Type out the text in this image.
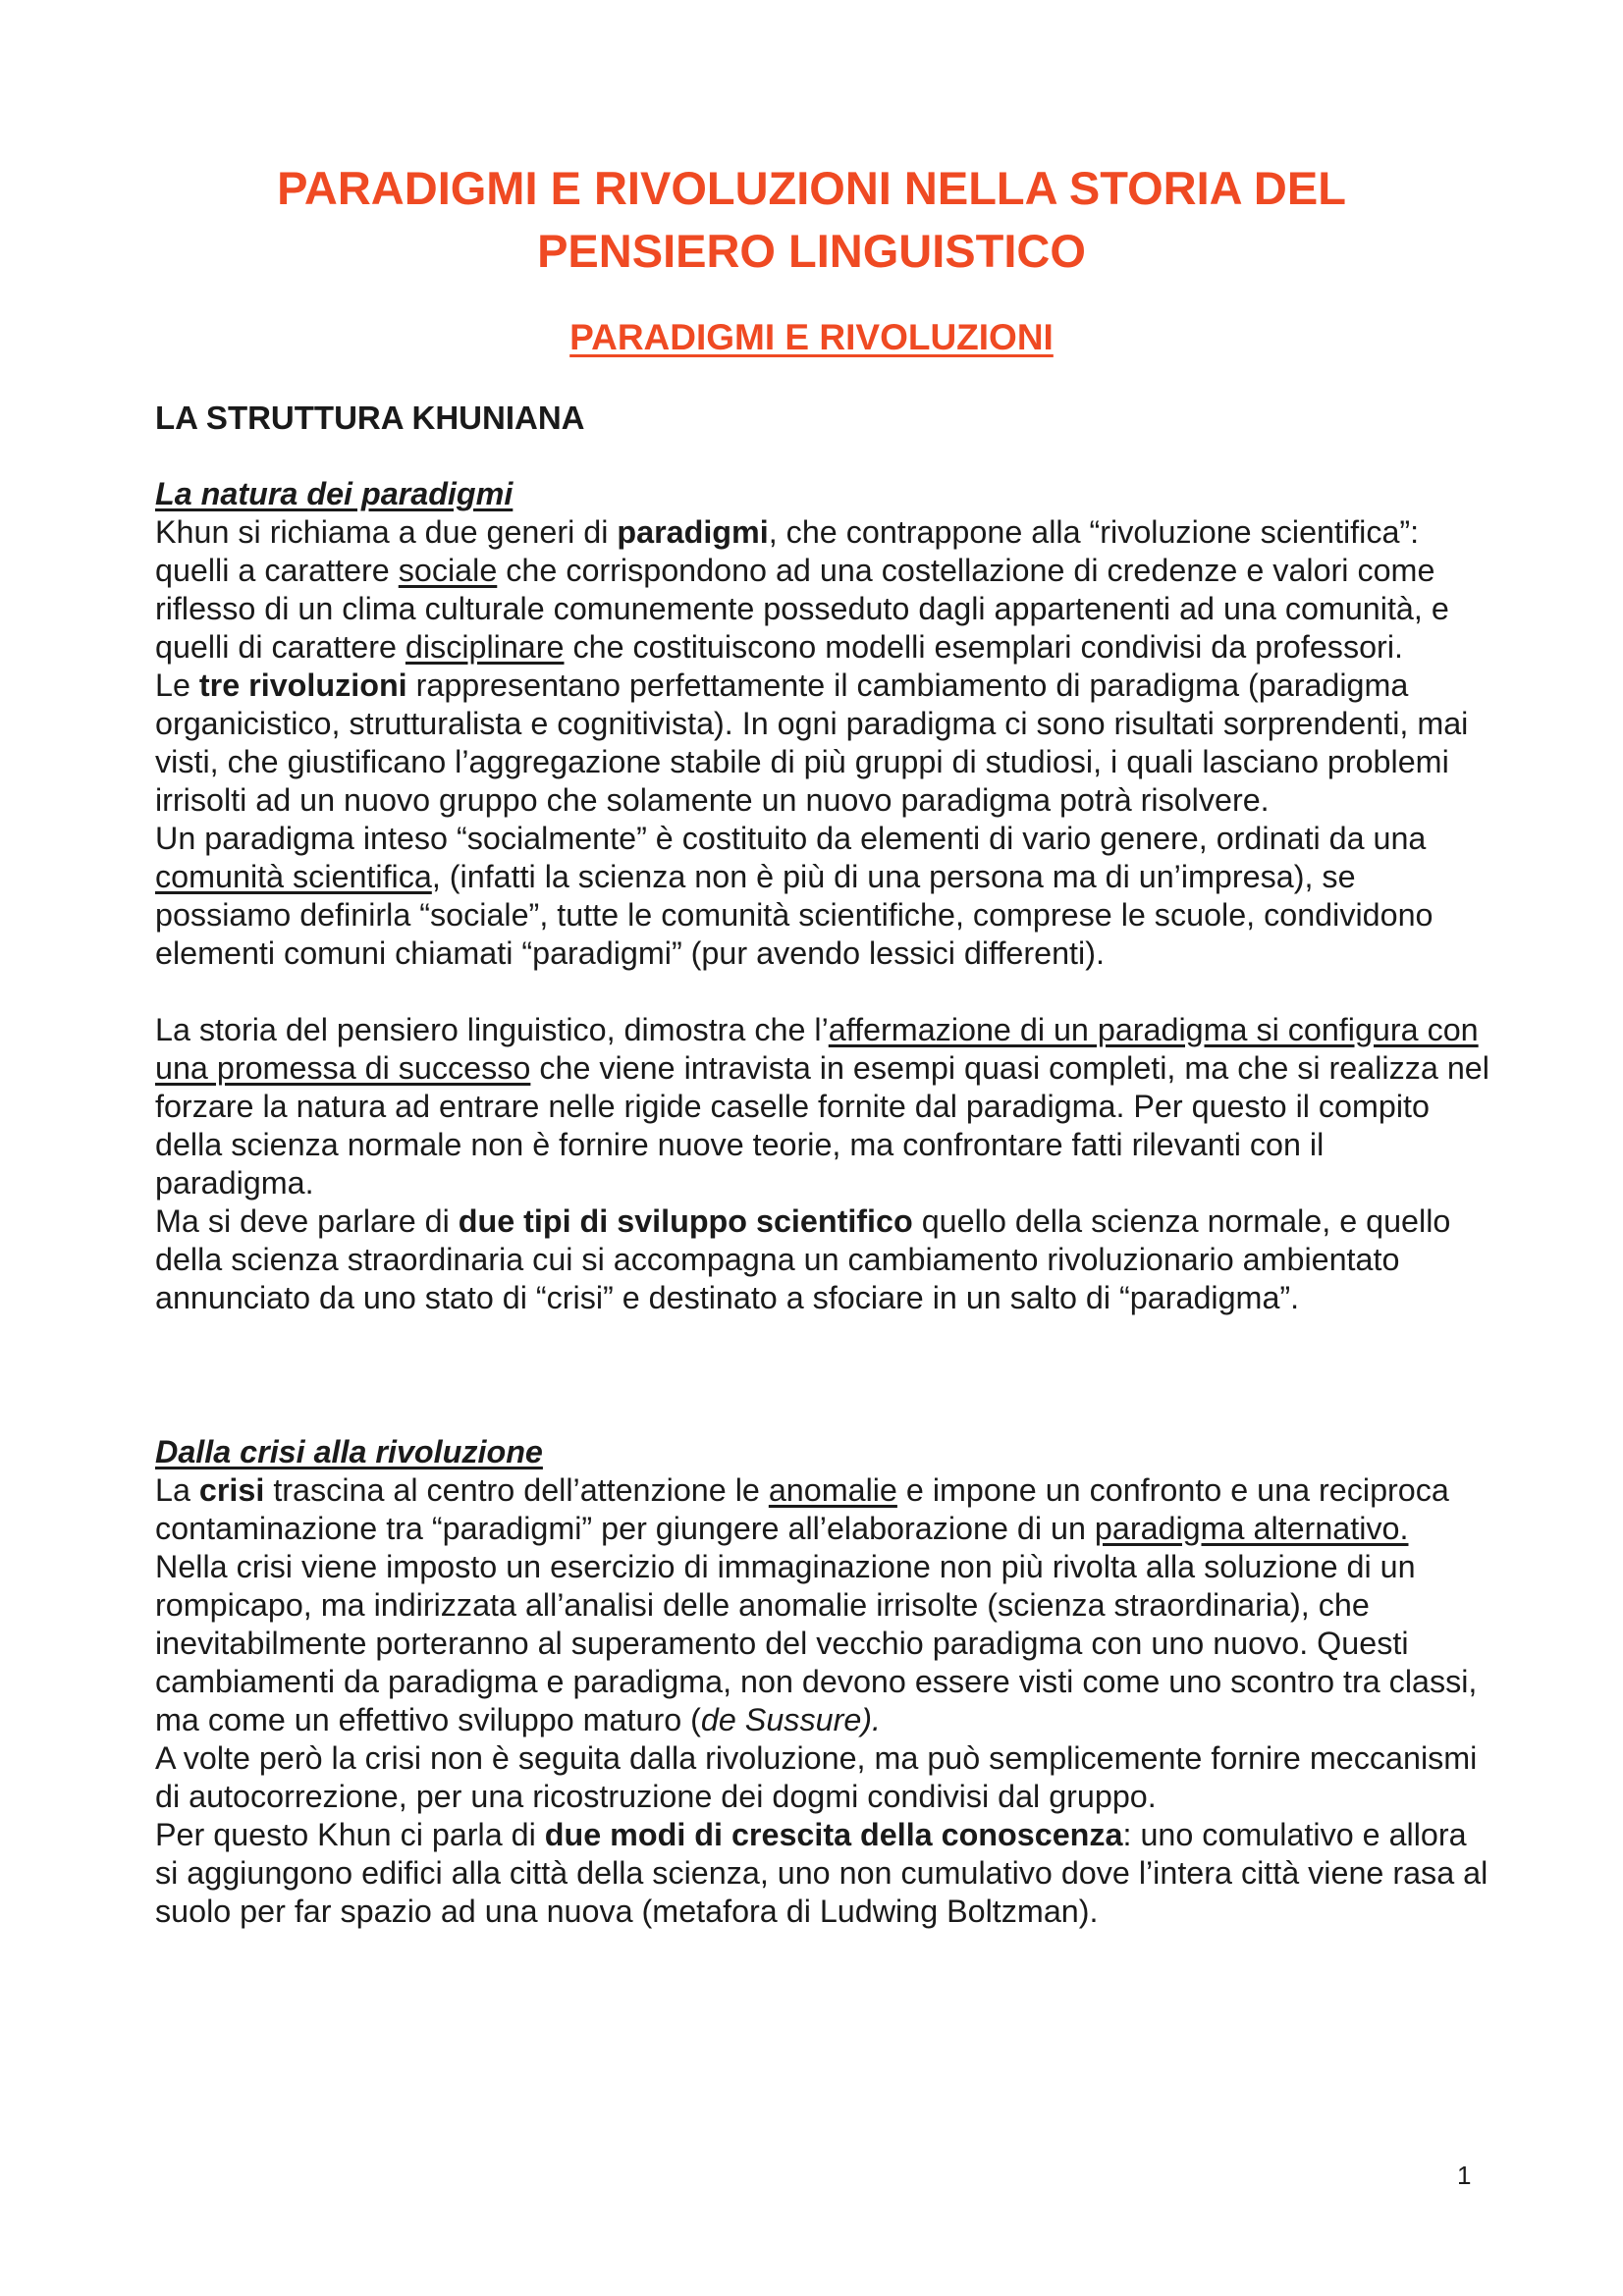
PARADIGMI E RIVOLUZIONI NELLA STORIA DEL
PENSIERO LINGUISTICO
PARADIGMI E RIVOLUZIONI
LA STRUTTURA KHUNIANA

La natura dei paradigmi

Khun si richiama a due generi di paradigmi, che contrappone alla “rivoluzione scientifica”: quelli a carattere sociale che corrispondono ad una costellazione di credenze e valori come riflesso di un clima culturale comunemente posseduto dagli appartenenti ad una comunità, e quelli di carattere disciplinare che costituiscono modelli esemplari condivisi da professori.

Le tre rivoluzioni rappresentano perfettamente il cambiamento di paradigma (paradigma organicistico, strutturalista e cognitivista). In ogni paradigma ci sono risultati sorprendenti, mai visti, che giustificano l’aggregazione stabile di più gruppi di studiosi, i quali lasciano problemi irrisolti ad un nuovo gruppo che solamente un nuovo paradigma potrà risolvere.

Un paradigma inteso “socialmente” è costituito da elementi di vario genere, ordinati da una comunità scientifica, (infatti la scienza non è più di una persona ma di un’impresa), se possiamo definirla “sociale”, tutte le comunità scientifiche, comprese le scuole, condividono elementi comuni chiamati “paradigmi” (pur avendo lessici differenti).

La storia del pensiero linguistico, dimostra che l’affermazione di un paradigma si configura con una promessa di successo che viene intravista in esempi quasi completi, ma che si realizza nel forzare la natura ad entrare nelle rigide caselle fornite dal paradigma. Per questo il compito della scienza normale non è fornire nuove teorie, ma confrontare fatti rilevanti con il paradigma.

Ma si deve parlare di due tipi di sviluppo scientifico quello della scienza normale, e quello della scienza straordinaria cui si accompagna un cambiamento rivoluzionario ambientato annunciato da uno stato di “crisi” e destinato a sfociare in un salto di “paradigma”.

Dalla crisi alla rivoluzione

La crisi trascina al centro dell’attenzione le anomalie e impone un confronto e una reciproca contaminazione tra “paradigmi” per giungere all’elaborazione di un paradigma alternativo.

Nella crisi viene imposto un esercizio di immaginazione non più rivolta alla soluzione di un rompicapo, ma indirizzata all’analisi delle anomalie irrisolte (scienza straordinaria), che inevitabilmente porteranno al superamento del vecchio paradigma con uno nuovo. Questi cambiamenti da paradigma e paradigma, non devono essere visti come uno scontro tra classi, ma come un effettivo sviluppo maturo (de Sussure).

A volte però la crisi non è seguita dalla rivoluzione, ma può semplicemente fornire meccanismi di autocorrezione, per una ricostruzione dei dogmi condivisi dal gruppo.

Per questo Khun ci parla di due modi di crescita della conoscenza: uno comulativo e allora si aggiungono edifici alla città della scienza, uno non cumulativo dove l’intera città viene rasa al suolo per far spazio ad una nuova (metafora di Ludwing Boltzman).

1
